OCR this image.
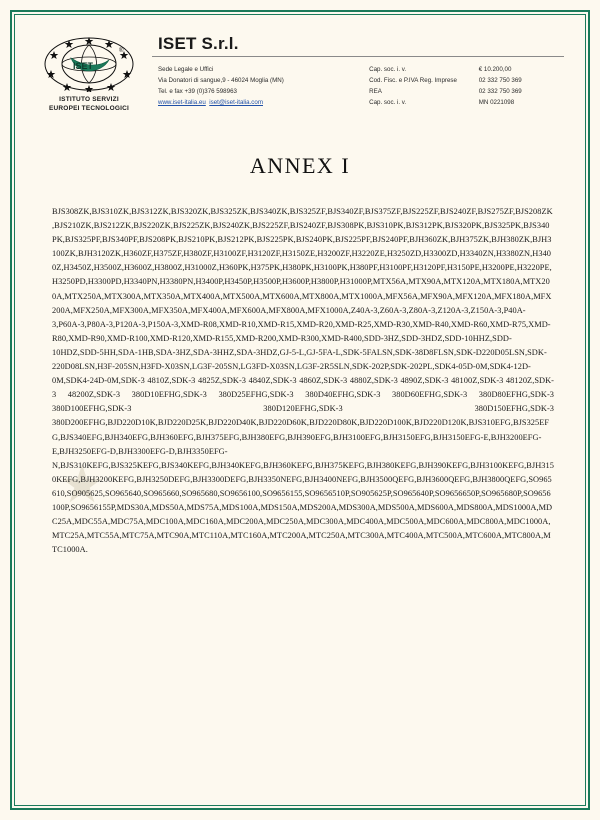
★
ISET
®
ISTITUTO SERVIZI
EUROPEI TECNOLOGICI
ISET S.r.l.
Sede Legale e Uffici	Cap. soc. i. v.	€ 10.200,00
Via Donatori di sangue,9 - 46024 Moglia (MN)	Cod. Fisc. e P.IVA Reg. Imprese	02 332 750 369
Tel. e fax +39 (0)376 598963	REA	02 332 750 369
www.iset-italia.eu iset@iset-italia.com	Cap. soc. i. v.	MN 0221098
ANNEX I
BJS308ZK,BJS310ZK,BJS312ZK,BJS320ZK,BJS325ZK,BJS340ZK,BJS325ZF,BJS340ZF,BJS375ZF,BJS225ZF,BJS240ZF,BJS275ZF,BJS208ZK,BJS210ZK,BJS212ZK,BJS220ZK,BJS225ZK,BJS240ZK,BJS225ZF,BJS240ZF,BJS308PK,BJS310PK,BJS312PK,BJS320PK,BJS325PK,BJS340PK,BJS325PF,BJS340PF,BJS208PK,BJS210PK,BJS212PK,BJS225PK,BJS240PK,BJS225PF,BJS240PF,BJH360ZK,BJH375ZK,BJH380ZK,BJH3100ZK,BJH3120ZK,H360ZF,H375ZF,H380ZF,H3100ZF,H3120ZF,H3150ZE,H3200ZF,H3220ZE,H3250ZD,H3300ZD,H3340ZN,H3380ZN,H3400Z,H3450Z,H3500Z,H3600Z,H3800Z,H31000Z,H360PK,H375PK,H380PK,H3100PK,H380PF,H3100PF,H3120PF,H3150PE,H3200PE,H3220PE,H3250PD,H3300PD,H3340PN,H3380PN,H3400P,H3450P,H3500P,H3600P,H3800P,H31000P,MTX56A,MTX90A,MTX120A,MTX180A,MTX200A,MTX250A,MTX300A,MTX350A,MTX400A,MTX500A,MTX600A,MTX800A,MTX1000A,MFX56A,MFX90A,MFX120A,MFX180A,MFX200A,MFX250A,MFX300A,MFX350A,MFX400A,MFX600A,MFX800A,MFX1000A,Z40A-3,Z60A-3,Z80A-3,Z120A-3,Z150A-3,P40A-3,P60A-3,P80A-3,P120A-3,P150A-3,XMD-R08,XMD-R10,XMD-R15,XMD-R20,XMD-R25,XMD-R30,XMD-R40,XMD-R60,XMD-R75,XMD-R80,XMD-R90,XMD-R100,XMD-R120,XMD-R155,XMD-R200,XMD-R300,XMD-R400,SDD-3HZ,SDD-3HDZ,SDD-10HHZ,SDD-10HDZ,SDD-5HH,SDA-1HB,SDA-3HZ,SDA-3HHZ,SDA-3HDZ,GJ-5-L,GJ-5FA-L,SDK-5FALSN,SDK-38D8FLSN,SDK-D220D05LSN,SDK-220D08LSN,H3F-205SN,H3FD-X03SN,LG3F-205SN,LG3FD-X03SN,LG3F-2R5SLN,SDK-202P,SDK-202PL,SDK4-05D-0M,SDK4-12D-0M,SDK4-24D-0M,SDK-3 4810Z,SDK-3 4825Z,SDK-3 4840Z,SDK-3 4860Z,SDK-3 4880Z,SDK-3 4890Z,SDK-3 48100Z,SDK-3 48120Z,SDK-3 48200Z,SDK-3 380D10EFHG,SDK-3 380D25EFHG,SDK-3 380D40EFHG,SDK-3 380D60EFHG,SDK-3 380D80EFHG,SDK-3 380D100EFHG,SDK-3 380D120EFHG,SDK-3 380D150EFHG,SDK-3 380D200EFHG,BJD220D10K,BJD220D25K,BJD220D40K,BJD220D60K,BJD220D80K,BJD220D100K,BJD220D120K,BJS310EFG,BJS325EFG,BJS340EFG,BJH340EFG,BJH360EFG,BJH375EFG,BJH380EFG,BJH390EFG,BJH3100EFG,BJH3150EFG,BJH3150EFG-E,BJH3200EFG-E,BJH3250EFG-D,BJH3300EFG-D,BJH3350EFG-N,BJS310KEFG,BJS325KEFG,BJS340KEFG,BJH340KEFG,BJH360KEFG,BJH375KEFG,BJH380KEFG,BJH390KEFG,BJH3100KEFG,BJH3150KEFG,BJH3200KEFG,BJH3250DEFG,BJH3300DEFG,BJH3350NEFG,BJH3400NEFG,BJH3500QEFG,BJH3600QEFG,BJH3800QEFG,SO965610,SO905625,SO965640,SO965660,SO965680,SO9656100,SO9656155,SO9656510P,SO905625P,SO965640P,SO9656650P,SO965680P,SO9656100P,SO9656155P,MDS30A,MDS50A,MDS75A,MDS100A,MDS150A,MDS200A,MDS300A,MDS500A,MDS600A,MDS800A,MDS1000A,MDC25A,MDC55A,MDC75A,MDC100A,MDC160A,MDC200A,MDC250A,MDC300A,MDC400A,MDC500A,MDC600A,MDC800A,MDC1000A,MTC25A,MTC55A,MTC75A,MTC90A,MTC110A,MTC160A,MTC200A,MTC250A,MTC300A,MTC400A,MTC500A,MTC600A,MTC800A,MTC1000A.
